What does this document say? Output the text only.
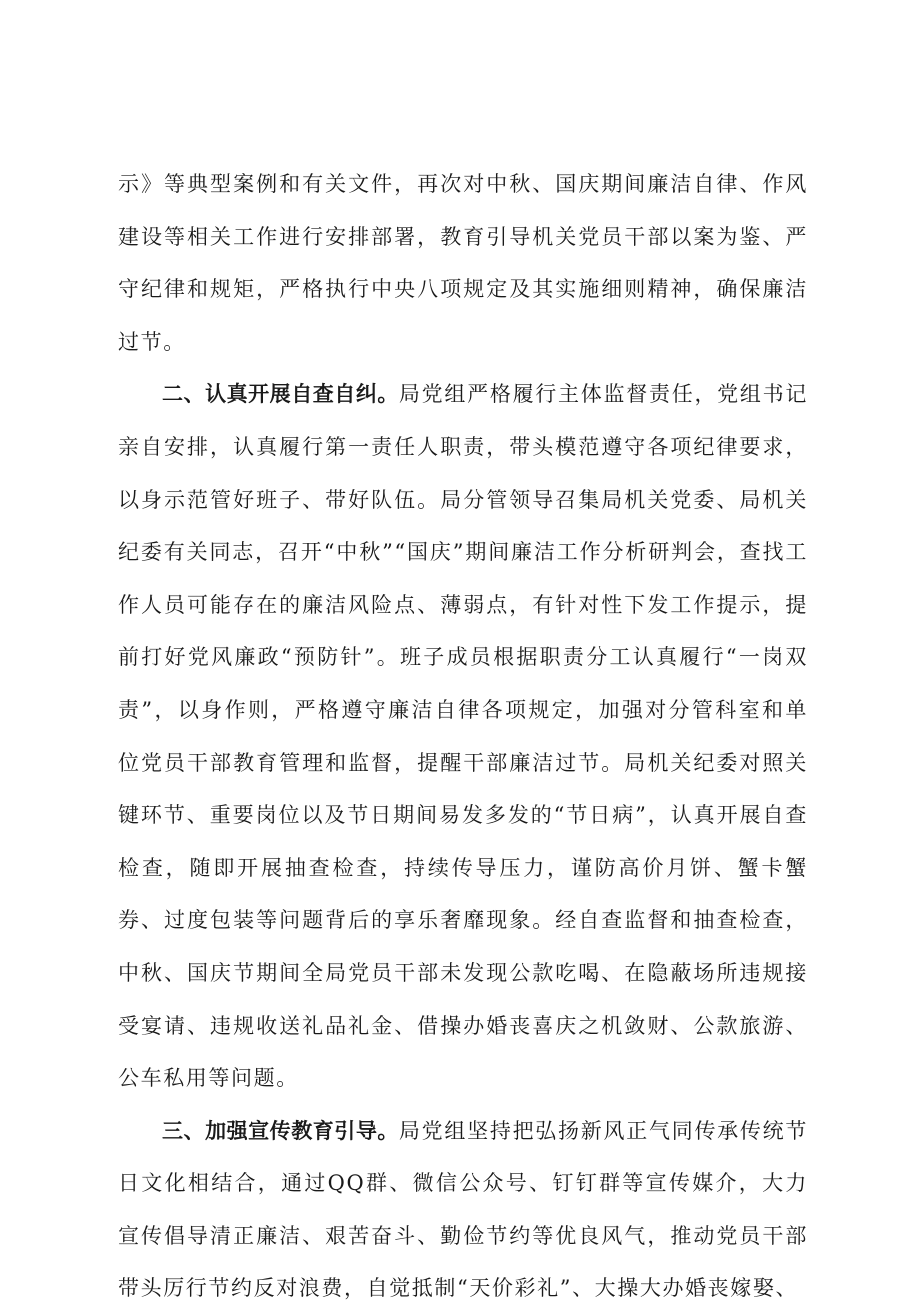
示》等典型案例和有关文件，再次对中秋、国庆期间廉洁自律、作风建设等相关工作进行安排部署，教育引导机关党员干部以案为鉴、严守纪律和规矩，严格执行中央八项规定及其实施细则精神，确保廉洁过节。

二、认真开展自查自纠。局党组严格履行主体监督责任，党组书记亲自安排，认真履行第一责任人职责，带头模范遵守各项纪律要求，以身示范管好班子、带好队伍。局分管领导召集局机关党委、局机关纪委有关同志，召开“中秋”“国庆”期间廉洁工作分析研判会，查找工作人员可能存在的廉洁风险点、薄弱点，有针对性下发工作提示，提前打好党风廉政“预防针”。班子成员根据职责分工认真履行“一岗双责”，以身作则，严格遵守廉洁自律各项规定，加强对分管科室和单位党员干部教育管理和监督，提醒干部廉洁过节。局机关纪委对照关键环节、重要岗位以及节日期间易发多发的“节日病”，认真开展自查检查，随即开展抽查检查，持续传导压力，谨防高价月饼、蟹卡蟹券、过度包装等问题背后的享乐奢靡现象。经自查监督和抽查检查，中秋、国庆节期间全局党员干部未发现公款吃喝、在隐蔽场所违规接受宴请、违规收送礼品礼金、借操办婚丧喜庆之机敛财、公款旅游、公车私用等问题。

三、加强宣传教育引导。局党组坚持把弘扬新风正气同传承传统节日文化相结合，通过QQ群、微信公众号、钉钉群等宣传媒介，大力宣传倡导清正廉洁、艰苦奋斗、勤俭节约等优良风气，推动党员干部带头厉行节约反对浪费，自觉抵制“天价彩礼”、大操大办婚丧嫁娶、
